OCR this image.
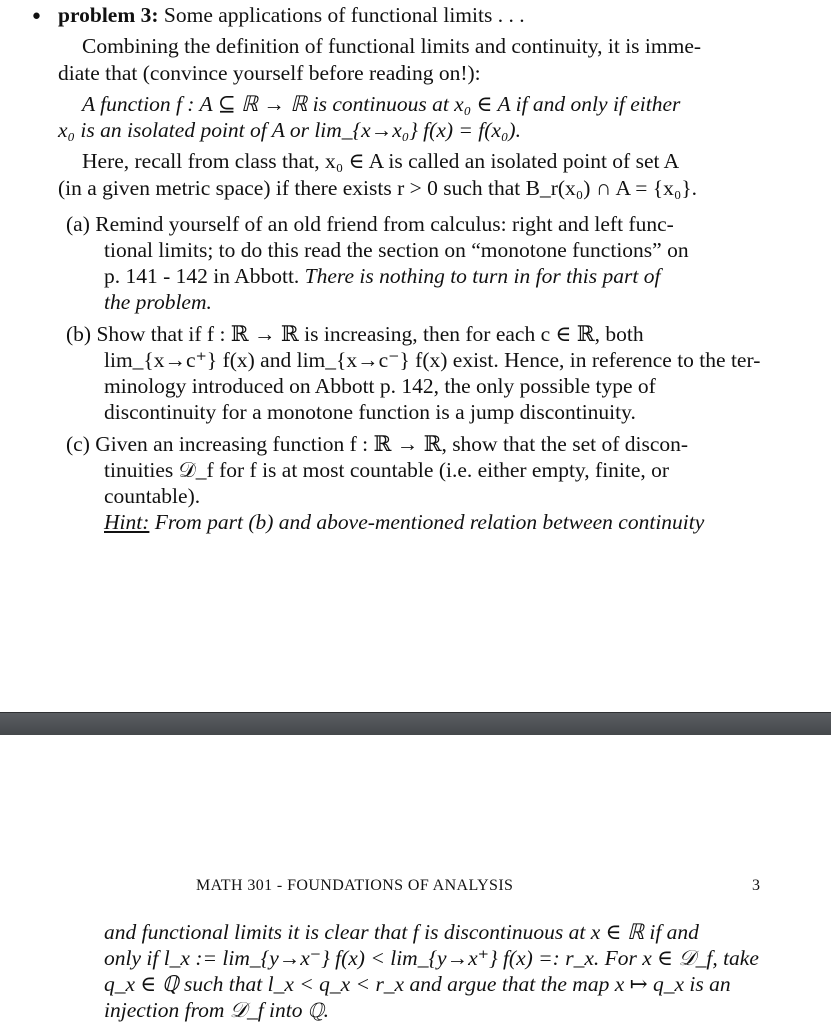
• problem 3: Some applications of functional limits . . .
Combining the definition of functional limits and continuity, it is imme-
diate that (convince yourself before reading on!):
A function f : A ⊆ ℝ → ℝ is continuous at x₀ ∈ A if and only if either
x₀ is an isolated point of A or lim_{x→x₀} f(x) = f(x₀).
Here, recall from class that, x₀ ∈ A is called an isolated point of set A
(in a given metric space) if there exists r > 0 such that B_r(x₀) ∩ A = {x₀}.
(a) Remind yourself of an old friend from calculus: right and left func-
tional limits; to do this read the section on “monotone functions” on
p. 141 - 142 in Abbott. There is nothing to turn in for this part of
the problem.
(b) Show that if f : ℝ → ℝ is increasing, then for each c ∈ ℝ, both
lim_{x→c⁺} f(x) and lim_{x→c⁻} f(x) exist. Hence, in reference to the ter-
minology introduced on Abbott p. 142, the only possible type of
discontinuity for a monotone function is a jump discontinuity.
(c) Given an increasing function f : ℝ → ℝ, show that the set of discon-
tinuities 𝒟_f for f is at most countable (i.e. either empty, finite, or
countable).
Hint: From part (b) and above-mentioned relation between continuity
MATH 301 - FOUNDATIONS OF ANALYSIS	3
and functional limits it is clear that f is discontinuous at x ∈ ℝ if and
only if l_x := lim_{y→x⁻} f(x) < lim_{y→x⁺} f(x) =: r_x. For x ∈ 𝒟_f, take
q_x ∈ ℚ such that l_x < q_x < r_x and argue that the map x ↦ q_x is an
injection from 𝒟_f into ℚ.
